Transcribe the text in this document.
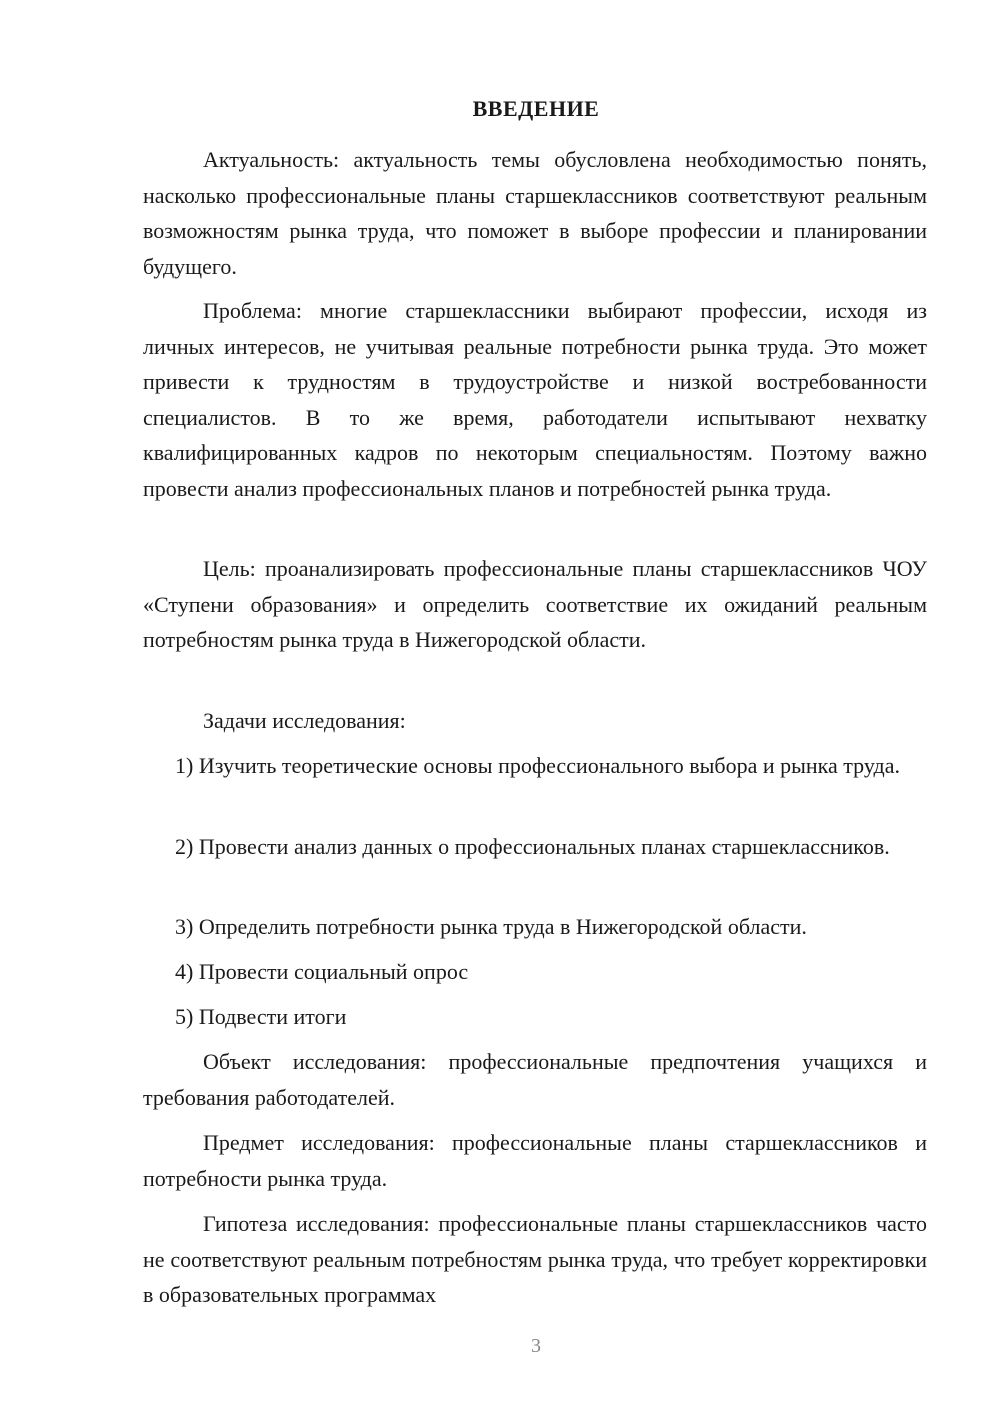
ВВЕДЕНИЕ

Актуальность: актуальность темы обусловлена необходимостью понять, насколько профессиональные планы старшеклассников соответствуют реальным возможностям рынка труда, что поможет в выборе профессии и планировании будущего.

Проблема: многие старшеклассники выбирают профессии, исходя из личных интересов, не учитывая реальные потребности рынка труда. Это может привести к трудностям в трудоустройстве и низкой востребованности специалистов. В то же время, работодатели испытывают нехватку квалифицированных кадров по некоторым специальностям. Поэтому важно провести анализ профессиональных планов и потребностей рынка труда.

Цель: проанализировать профессиональные планы старшеклассников ЧОУ «Ступени образования» и определить соответствие их ожиданий реальным потребностям рынка труда в Нижегородской области.

Задачи исследования:

1) Изучить теоретические основы профессионального выбора и рынка труда.

2) Провести анализ данных о профессиональных планах старшеклассников.

3) Определить потребности рынка труда в Нижегородской области.

4) Провести социальный опрос

5) Подвести итоги

Объект исследования: профессиональные предпочтения учащихся и требования работодателей.

Предмет исследования: профессиональные планы старшеклассников и потребности рынка труда.

Гипотеза исследования: профессиональные планы старшеклассников часто не соответствуют реальным потребностям рынка труда, что требует корректировки в образовательных программах

3
